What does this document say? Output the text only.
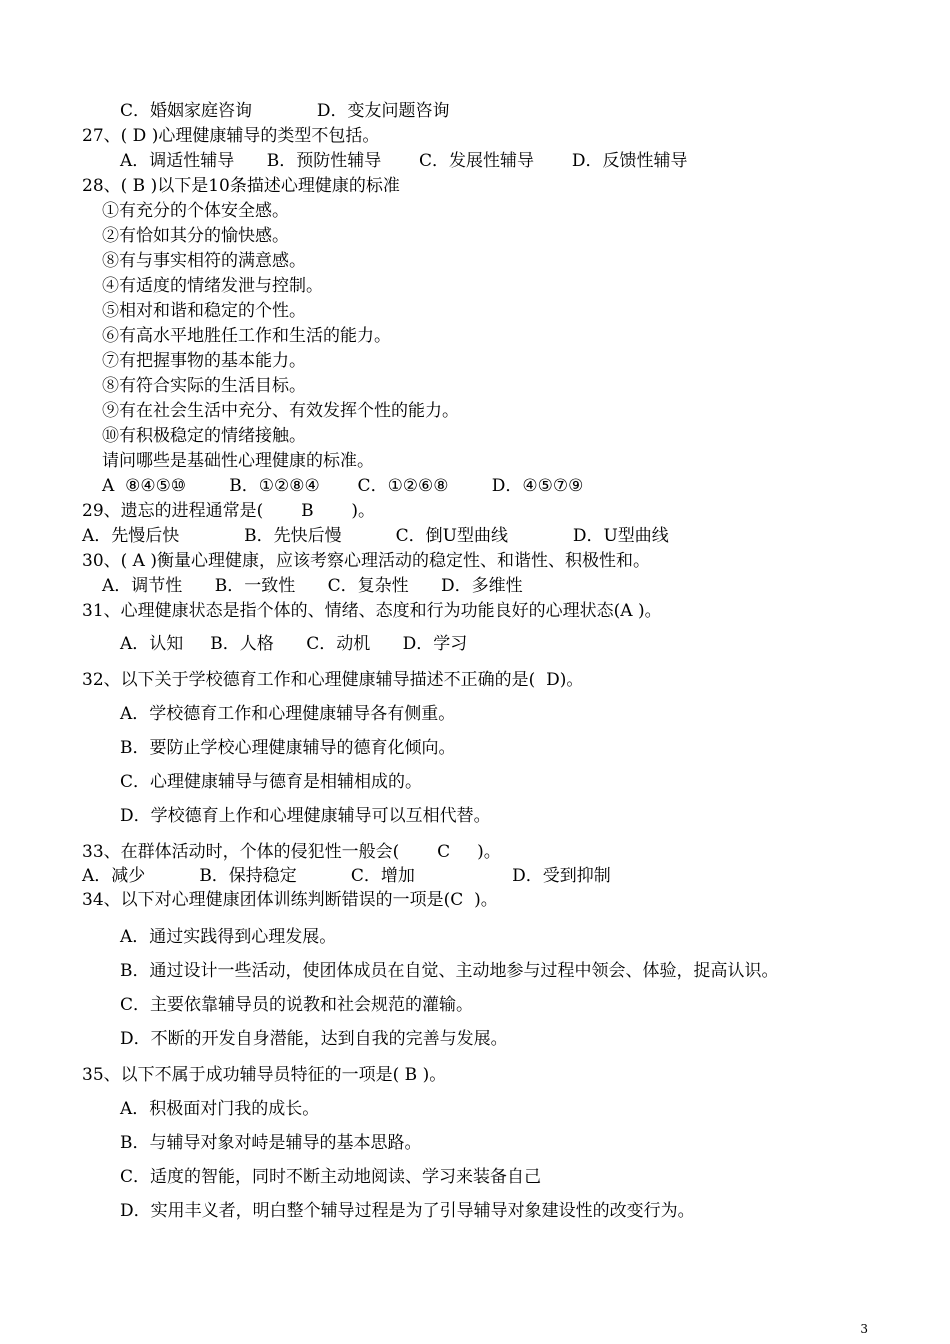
C．婚姻家庭咨询            D．变友问题咨询
27、( D )心理健康辅导的类型不包括。
A．调适性辅导      B．预防性辅导       C．发展性辅导       D．反馈性辅导
28、( B )以下是10条描述心理健康的标准
①有充分的个体安全感。
②有恰如其分的愉快感。
⑧有与事实相符的满意感。
④有适度的情绪发泄与控制。
⑤相对和谐和稳定的个性。
⑥有高水平地胜任工作和生活的能力。
⑦有把握事物的基本能力。
⑧有符合实际的生活目标。
⑨有在社会生活中充分、有效发挥个性的能力。
⑩有积极稳定的情绪接触。
请问哪些是基础性心理健康的标准。
A  ⑧④⑤⑩        B．①②⑧④       C．①②⑥⑧        D．④⑤⑦⑨
29、遗忘的进程通常是(       B       )。
A．先慢后快            B．先快后慢          C．倒U型曲线            D．U型曲线
30、( A )衡量心理健康，应该考察心理活动的稳定性、和谐性、积极性和。
A．调节性      B．一致性      C．复杂性      D．多维性
31、心理健康状态是指个体的、情绪、态度和行为功能良好的心理状态(A )。
A．认知     B．人格      C．动机      D．学习
32、以下关于学校德育工作和心理健康辅导描述不正确的是(  D)。
A．学校德育工作和心理健康辅导各有侧重。
B．要防止学校心理健康辅导的德育化倾向。
C．心理健康辅导与德育是相辅相成的。
D．学校德育上作和心埋健康辅导可以互相代替。
33、在群体活动时，个体的侵犯性一般会(       C     )。
A．减少          B．保持稳定          C．增加                  D．受到抑制
34、以下对心理健康团体训练判断错误的一项是(C  )。
A．通过实践得到心理发展。
B．通过设计一些活动，使团体成员在自觉、主动地参与过程中领会、体验，捉高认识。
C．主要依靠辅导员的说教和社会规范的灌输。
D．不断的开发自身潜能，达到自我的完善与发展。
35、以下不属于成功辅导员特征的一项是( B )。
A．积极面对门我的成长。
B．与辅导对象对峙是辅导的基本思路。
C．适度的智能，同时不断主动地阅读、学习来装备自己
D．实用丰义者，明白整个辅导过程是为了引导辅导对象建设性的改变行为。
3
